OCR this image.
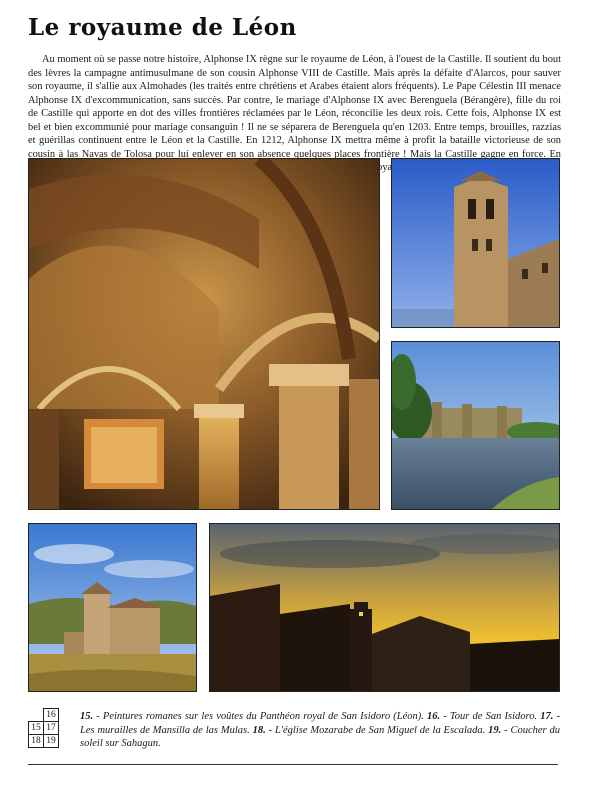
Le royaume de Léon

Au moment où se passe notre histoire, Alphonse IX règne sur le royaume de Léon, à l'ouest de la Castille. Il soutient du bout des lèvres la campagne antimusulmane de son cousin Alphonse VIII de Castille. Mais après la défaite d'Alarcos, pour sauver son royaume, il s'allie aux Almohades (les traités entre chrétiens et Arabes étaient alors fréquents). Le Pape Célestin III menace Alphonse IX d'excommunication, sans succès. Par contre, le mariage d'Alphonse IX avec Berenguela (Bérangère), fille du roi de Castille qui apporte en dot des villes frontières réclamées par le Léon, réconcilie les deux rois. Cette fois, Alphonse IX est bel et bien excommunié pour mariage consanguin ! Il ne se séparera de Berenguela qu'en 1203. Entre temps, brouilles, razzias et guérillas continuent entre le Léon et la Castille. En 1212, Alphonse IX mettra même à profit la bataille victorieuse de son cousin à las Navas de Tolosa pour lui enlever en son absence quelques places frontière ! Mais la Castille gagne en force. En

	16
15	17
18	19

15. - Peintures romanes sur les voûtes du Panthéon royal de San Isidoro (Léon). 16. - Tour de San Isidoro. 17. - Les murailles de Mansilla de las Mulas. 18. - L'église Mozarabe de San Miguel de la Escalada. 19. - Coucher du soleil sur Sahagun.
